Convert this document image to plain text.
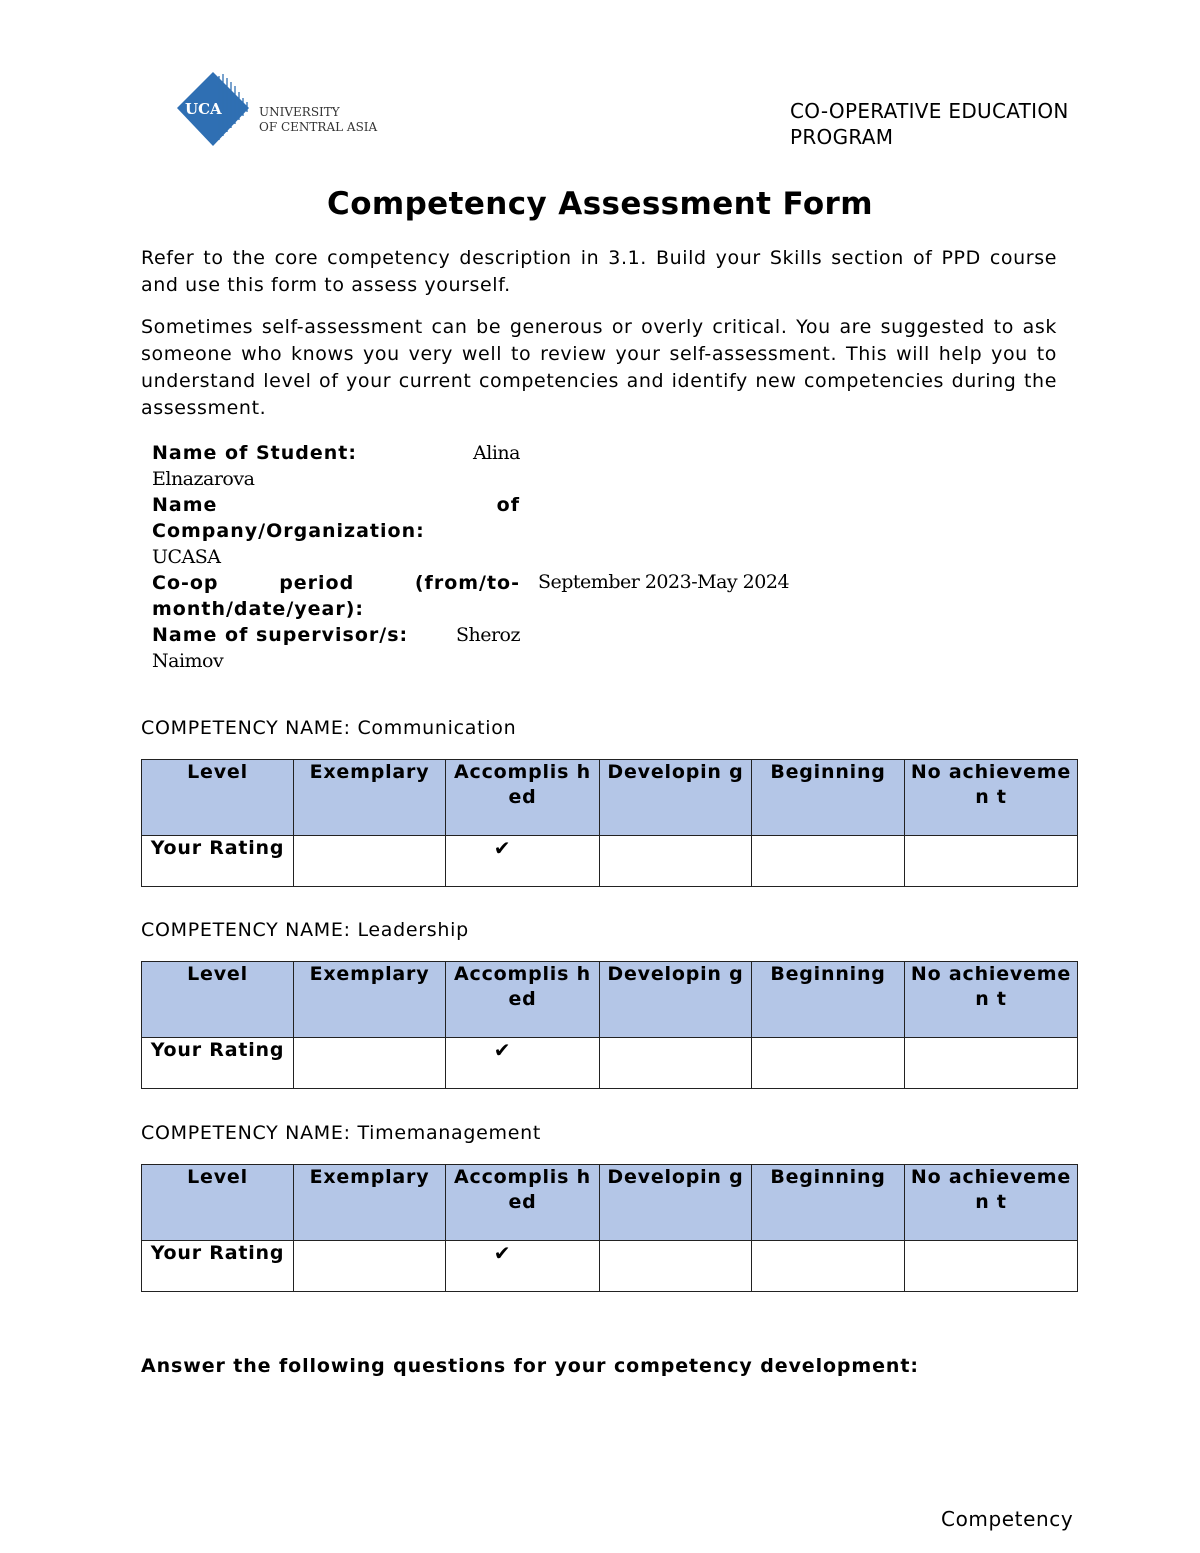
UCA	UNIVERSITY
OF CENTRAL ASIA
CO-OPERATIVE EDUCATION PROGRAM
Competency Assessment Form
Refer to the core competency description in 3.1. Build your Skills section of PPD course and use this form to assess yourself.
Sometimes self-assessment can be generous or overly critical. You are suggested to ask someone who knows you very well to review your self-assessment. This will help you to understand level of your current competencies and identify new competencies during the assessment.
Name of Student:	Alina
Elnazarova
Name	of
Company/Organization:
UCASA
Co-op period (from/to-
month/date/year):
September 2023-May 2024
Name of supervisor/s:	Sheroz
Naimov
COMPETENCY NAME: Communication
Level	Exemplary	Accomplis hed	Developin g	Beginning	No achievemen t
Your Rating		✔			
COMPETENCY NAME: Leadership
Level	Exemplary	Accomplis hed	Developin g	Beginning	No achievemen t
Your Rating		✔			
COMPETENCY NAME: Timemanagement
Level	Exemplary	Accomplis hed	Developin g	Beginning	No achievemen t
Your Rating		✔			
Answer the following questions for your competency development:
Competency
